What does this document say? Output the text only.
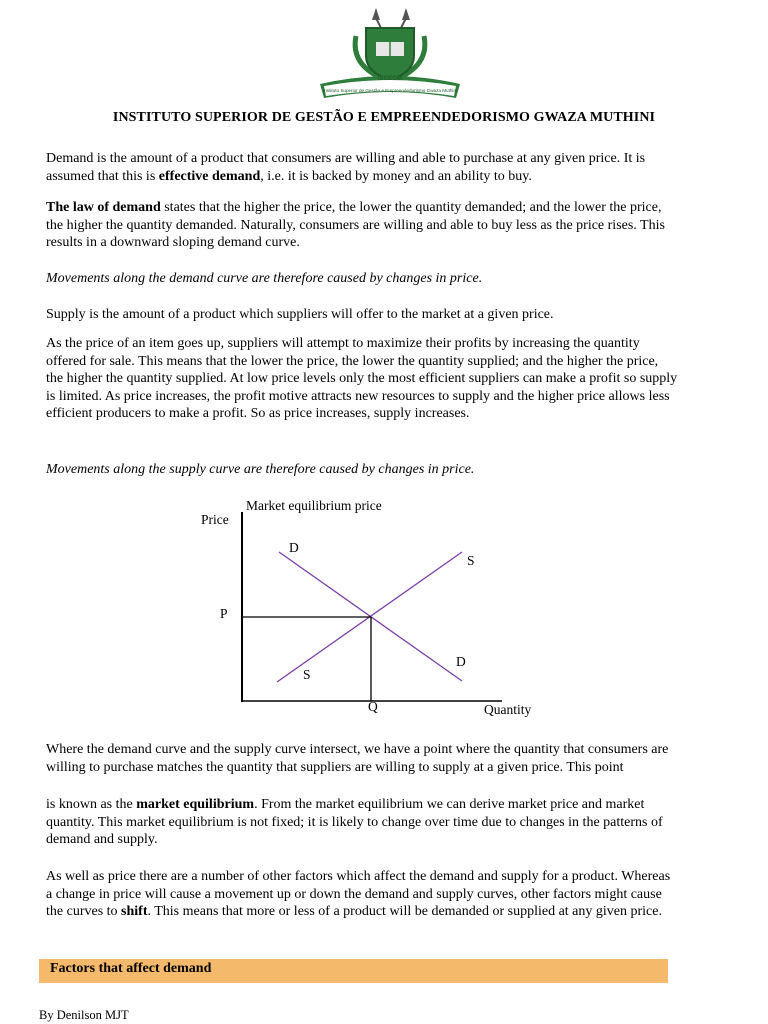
ISGEGM
Instituto Superior de Gestão e Empreendedorismo Gwaza Muthini
INSTITUTO SUPERIOR DE GESTÃO E EMPREENDEDORISMO GWAZA MUTHINI

Demand is the amount of a product that consumers are willing and able to purchase at any given price. It is assumed that this is effective demand, i.e. it is backed by money and an ability to buy.

The law of demand states that the higher the price, the lower the quantity demanded; and the lower the price, the higher the quantity demanded. Naturally, consumers are willing and able to buy less as the price rises. This results in a downward sloping demand curve.

Movements along the demand curve are therefore caused by changes in price.

Supply is the amount of a product which suppliers will offer to the market at a given price.

As the price of an item goes up, suppliers will attempt to maximize their profits by increasing the quantity offered for sale. This means that the lower the price, the lower the quantity supplied; and the higher the price, the higher the quantity supplied. At low price levels only the most efficient suppliers can make a profit so supply is limited. As price increases, the profit motive attracts new resources to supply and the higher price allows less efficient producers to make a profit. So as price increases, supply increases.

Movements along the supply curve are therefore caused by changes in price.

Market equilibrium price
Price
P
Q	Quantity
D
D
S
S

Where the demand curve and the supply curve intersect, we have a point where the quantity that consumers are willing to purchase matches the quantity that suppliers are willing to supply at a given price. This point

is known as the market equilibrium. From the market equilibrium we can derive market price and market quantity. This market equilibrium is not fixed; it is likely to change over time due to changes in the patterns of demand and supply.

As well as price there are a number of other factors which affect the demand and supply for a product. Whereas a change in price will cause a movement up or down the demand and supply curves, other factors might cause the curves to shift. This means that more or less of a product will be demanded or supplied at any given price.

Factors that affect demand
By Denilson MJT
